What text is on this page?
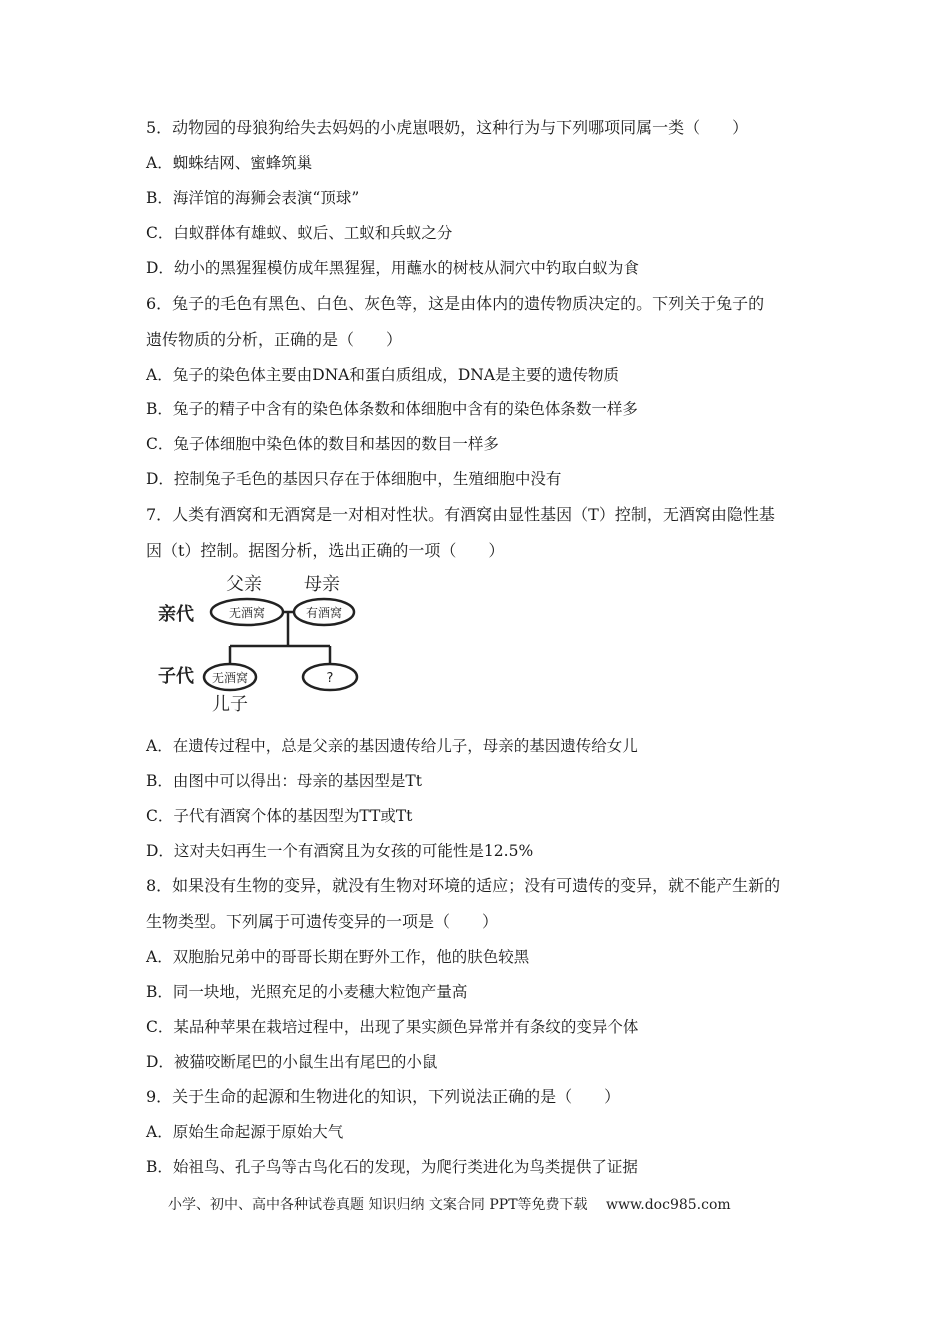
5．动物园的母狼狗给失去妈妈的小虎崽喂奶，这种行为与下列哪项同属一类（　　）
A．蜘蛛结网、蜜蜂筑巢
B．海洋馆的海狮会表演“顶球”
C．白蚁群体有雄蚁、蚁后、工蚁和兵蚁之分
D．幼小的黑猩猩模仿成年黑猩猩，用蘸水的树枝从洞穴中钓取白蚁为食
6．兔子的毛色有黑色、白色、灰色等，这是由体内的遗传物质决定的。下列关于兔子的
遗传物质的分析，正确的是（　　）
A．兔子的染色体主要由DNA和蛋白质组成，DNA是主要的遗传物质
B．兔子的精子中含有的染色体条数和体细胞中含有的染色体条数一样多
C．兔子体细胞中染色体的数目和基因的数目一样多
D．控制兔子毛色的基因只存在于体细胞中，生殖细胞中没有
7．人类有酒窝和无酒窝是一对相对性状。有酒窝由显性基因（T）控制，无酒窝由隐性基
因（t）控制。据图分析，选出正确的一项（　　）
父亲 母亲
亲代	无酒窝	有酒窝
子代 无酒窝	?
儿子
A．在遗传过程中，总是父亲的基因遗传给儿子，母亲的基因遗传给女儿
B．由图中可以得出：母亲的基因型是Tt
C．子代有酒窝个体的基因型为TT或Tt
D．这对夫妇再生一个有酒窝且为女孩的可能性是12.5%
8．如果没有生物的变异，就没有生物对环境的适应；没有可遗传的变异，就不能产生新的
生物类型。下列属于可遗传变异的一项是（　　）
A．双胞胎兄弟中的哥哥长期在野外工作，他的肤色较黑
B．同一块地，光照充足的小麦穗大粒饱产量高
C．某品种苹果在栽培过程中，出现了果实颜色异常并有条纹的变异个体
D．被猫咬断尾巴的小鼠生出有尾巴的小鼠
9．关于生命的起源和生物进化的知识，下列说法正确的是（　　）
A．原始生命起源于原始大气
B．始祖鸟、孔子鸟等古鸟化石的发现，为爬行类进化为鸟类提供了证据
小学、初中、高中各种试卷真题 知识归纳 文案合同 PPT等免费下载　 www.doc985.com
